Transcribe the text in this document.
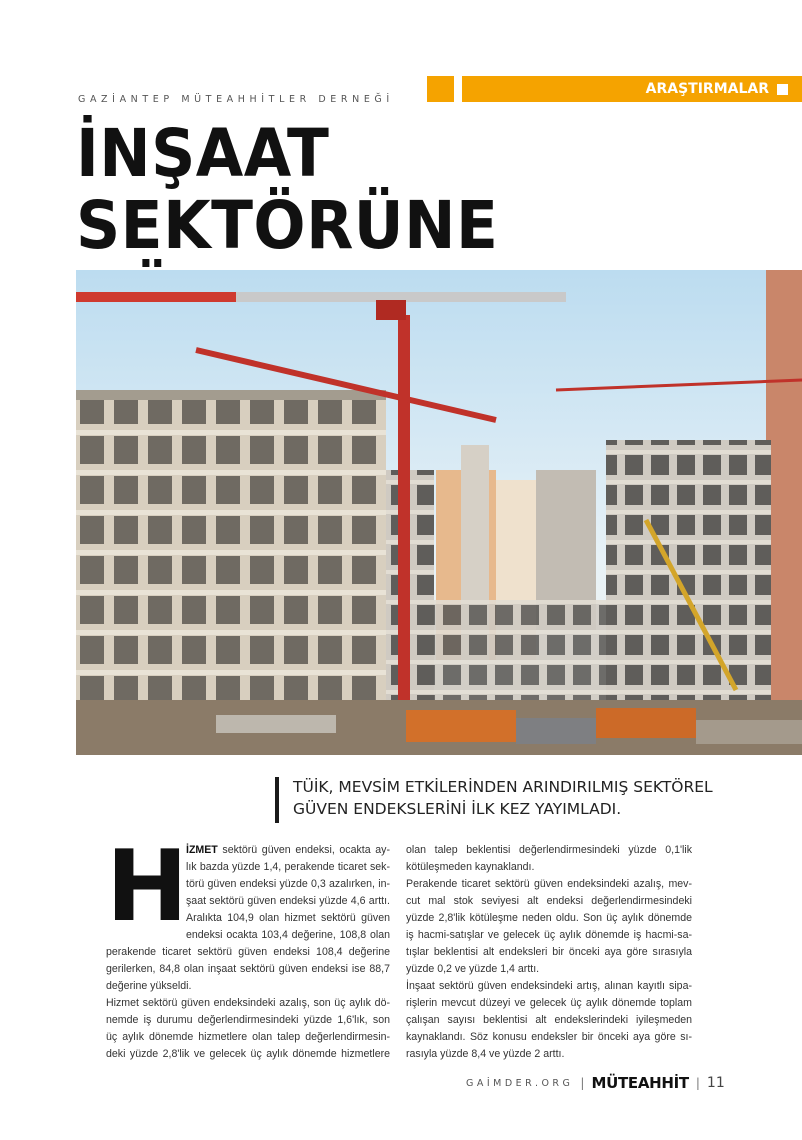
GAZİANTEP MÜTEAHHİTLER DERNEĞİ
ARAŞTIRMALAR
İNŞAAT SEKTÖRÜNE
TÜİK, MEVSİM ETKİLERİNDEN ARINDIRILMIŞ SEKTÖREL
GÜVEN ENDEKSLERİNİ İLK KEZ YAYIMLADI.
H
İZMET sektörü güven endeksi, ocakta ay-
lık bazda yüzde 1,4, perakende ticaret sek-
törü güven endeksi yüzde 0,3 azalırken, in-
şaat sektörü güven endeksi yüzde 4,6 arttı.
Aralıkta 104,9 olan hizmet sektörü güven
endeksi ocakta 103,4 değerine, 108,8 olan
perakende ticaret sektörü güven endeksi 108,4 değerine
gerilerken, 84,8 olan inşaat sektörü güven endeksi ise 88,7
değerine yükseldi.
Hizmet sektörü güven endeksindeki azalış, son üç aylık dö-
nemde iş durumu değerlendirmesindeki yüzde 1,6'lık, son
üç aylık dönemde hizmetlere olan talep değerlendirmesin-
deki yüzde 2,8'lik ve gelecek üç aylık dönemde hizmetlere
olan talep beklentisi değerlendirmesindeki yüzde 0,1'lik
kötüleşmeden kaynaklandı.
Perakende ticaret sektörü güven endeksindeki azalış, mev-
cut mal stok seviyesi alt endeksi değerlendirmesindeki
yüzde 2,8'lik kötüleşme neden oldu. Son üç aylık dönemde
iş hacmi-satışlar ve gelecek üç aylık dönemde iş hacmi-sa-
tışlar beklentisi alt endeksleri bir önceki aya göre sırasıyla
yüzde 0,2 ve yüzde 1,4 arttı.
İnşaat sektörü güven endeksindeki artış, alınan kayıtlı sipa-
rişlerin mevcut düzeyi ve gelecek üç aylık dönemde toplam
çalışan sayısı beklentisi alt endekslerindeki iyileşmeden
kaynaklandı. Söz konusu endeksler bir önceki aya göre sı-
rasıyla yüzde 8,4 ve yüzde 2 arttı.
GAİMDER.ORG | MÜTEAHHİT | 11
